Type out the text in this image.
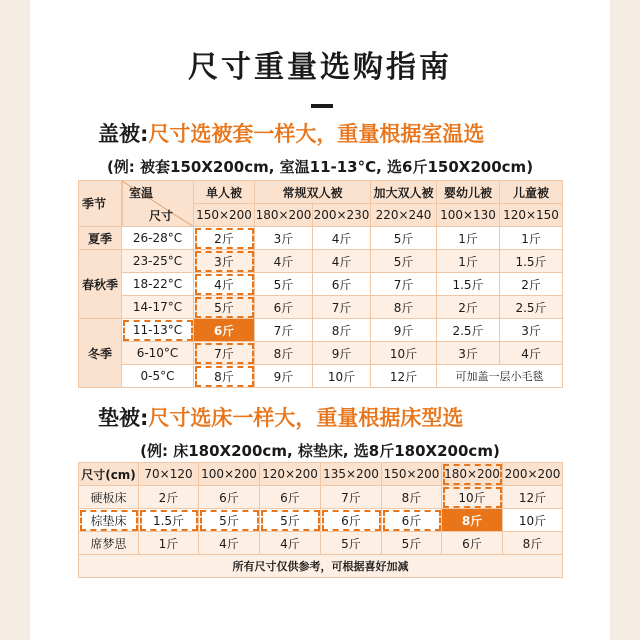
尺寸重量选购指南
盖被:尺寸选被套一样大，重量根据室温选
(例: 被套150X200cm, 室温11-13°C, 选6斤150X200cm)
季节
室温
尺寸		单人被	常规双人被		加大双人被	婴幼儿被	儿童被
		150×200	180×200	200×230	220×240	100×130	120×150
夏季	26-28°C	2斤	3斤	4斤	5斤	1斤	1斤
春秋季	23-25°C	3斤	4斤	4斤	5斤	1斤	1.5斤
	18-22°C	4斤	5斤	6斤	7斤	1.5斤	2斤
	14-17°C	5斤	6斤	7斤	8斤	2斤	2.5斤
冬季	11-13°C	6斤	7斤	8斤	9斤	2.5斤	3斤
	6-10°C	7斤	8斤	9斤	10斤	3斤	4斤
	0-5°C	8斤	9斤	10斤	12斤	可加盖一层小毛毯	
垫被:尺寸选床一样大，重量根据床型选
(例: 床180X200cm, 棕垫床, 选8斤180X200cm)
尺寸(cm)	70×120	100×200	120×200	135×200	150×200	180×200	200×200
硬板床	2斤	6斤	6斤	7斤	8斤	10斤	12斤
棕垫床	1.5斤	5斤	5斤	6斤	6斤	8斤	10斤
席梦思	1斤	4斤	4斤	5斤	5斤	6斤	8斤
所有尺寸仅供参考，可根据喜好加减							
